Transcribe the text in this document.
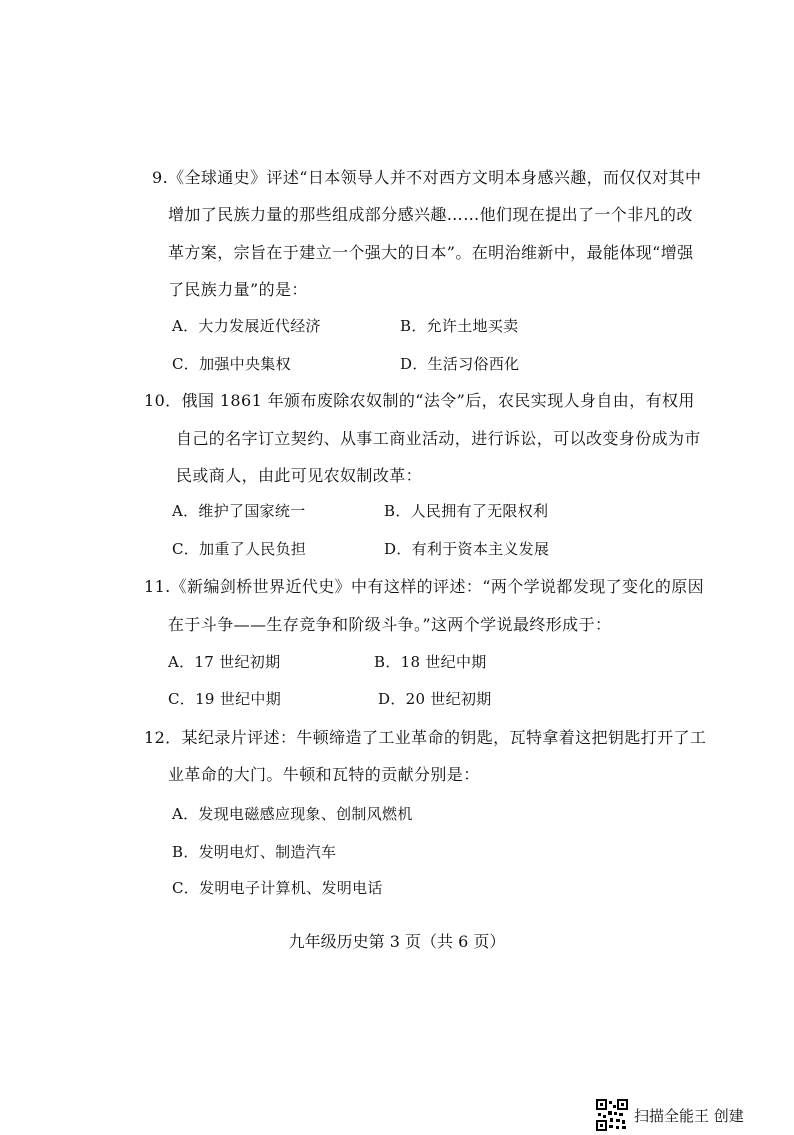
9.《全球通史》评述“日本领导人并不对西方文明本身感兴趣，而仅仅对其中
增加了民族力量的那些组成部分感兴趣……他们现在提出了一个非凡的改
革方案，宗旨在于建立一个强大的日本”。在明治维新中，最能体现“增强
了民族力量”的是：
A．大力发展近代经济	B．允许土地买卖
C．加强中央集权	D．生活习俗西化
10．俄国 1861 年颁布废除农奴制的“法令”后，农民实现人身自由，有权用
自己的名字订立契约、从事工商业活动，进行诉讼，可以改变身份成为市
民或商人，由此可见农奴制改革：
A．维护了国家统一	B．人民拥有了无限权利
C．加重了人民负担	D．有利于资本主义发展
11.《新编剑桥世界近代史》中有这样的评述：“两个学说都发现了变化的原因
在于斗争——生存竞争和阶级斗争。”这两个学说最终形成于：
A．17 世纪初期	B．18 世纪中期
C．19 世纪中期	D．20 世纪初期
12．某纪录片评述：牛顿缔造了工业革命的钥匙，瓦特拿着这把钥匙打开了工
业革命的大门。牛顿和瓦特的贡献分别是：
A．发现电磁感应现象、创制风燃机
B．发明电灯、制造汽车
C．发明电子计算机、发明电话
九年级历史第 3 页（共 6 页）
扫描全能王 创建
